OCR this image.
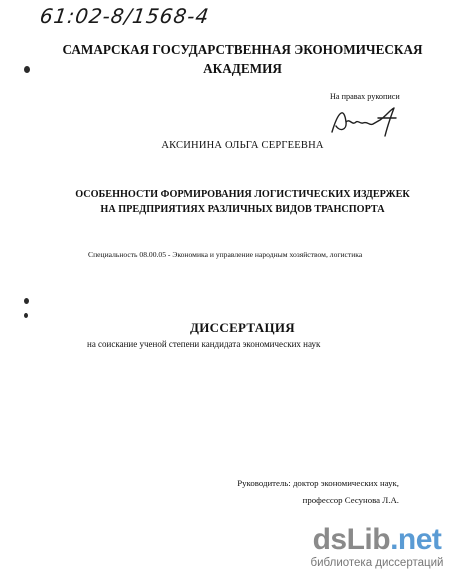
61:02-8/1568-4
САМАРСКАЯ ГОСУДАРСТВЕННАЯ ЭКОНОМИЧЕСКАЯ
АКАДЕМИЯ
На правах рукописи
АКСИНИНА ОЛЬГА СЕРГЕЕВНА
ОСОБЕННОСТИ ФОРМИРОВАНИЯ ЛОГИСТИЧЕСКИХ ИЗДЕРЖЕК
НА ПРЕДПРИЯТИЯХ РАЗЛИЧНЫХ ВИДОВ ТРАНСПОРТА
Специальность 08.00.05 - Экономика и управление народным хозяйством, логистика
ДИССЕРТАЦИЯ
на соискание ученой степени кандидата экономических наук
Руководитель: доктор экономических наук,
профессор Сесунова Л.А.
dsLib.net
библиотека диссертаций
